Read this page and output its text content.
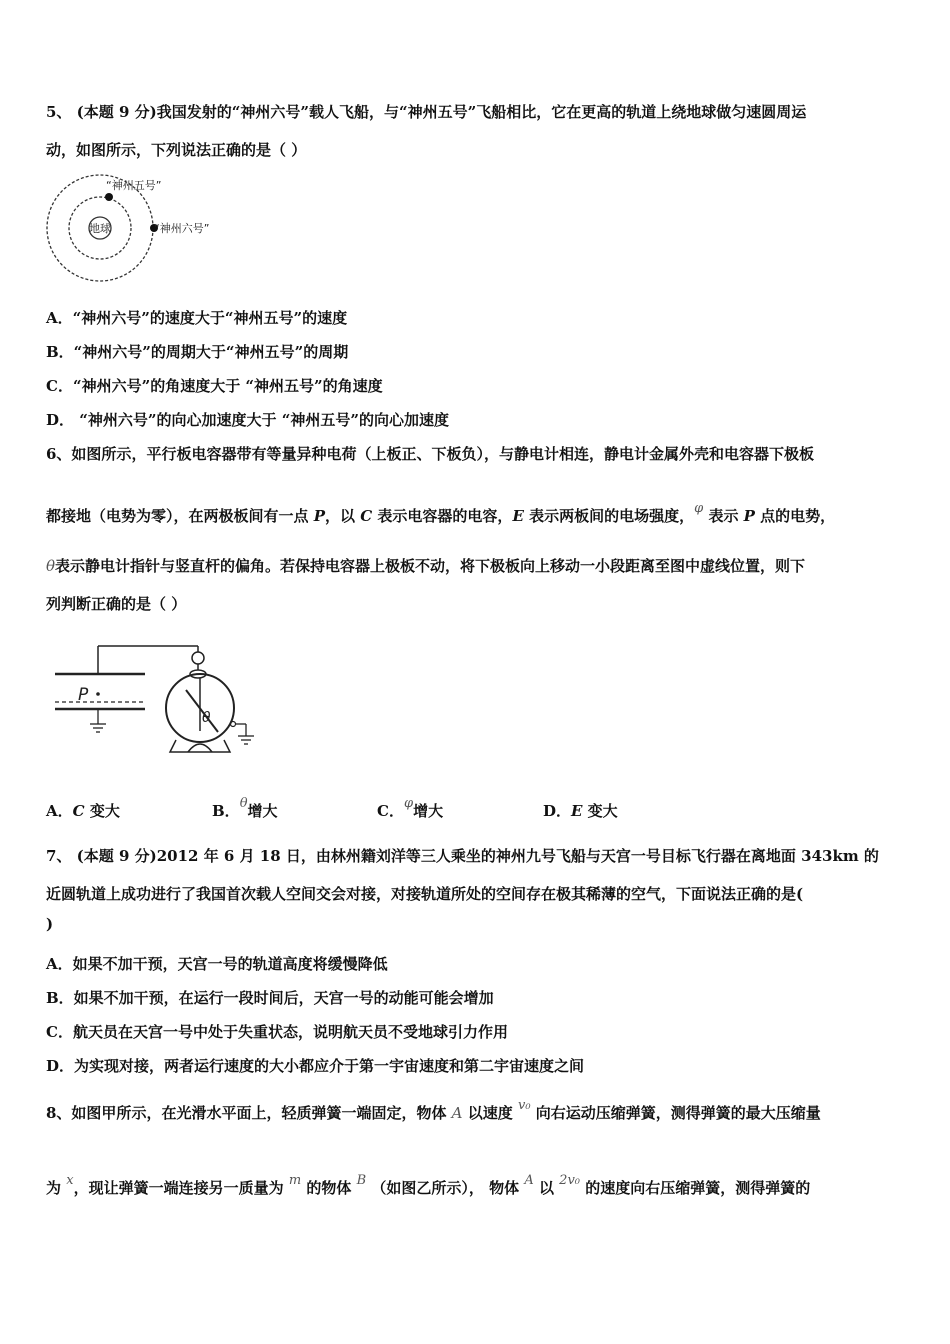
5、 (本题 9 分)我国发射的“神州六号”载人飞船，与“神州五号”飞船相比，它在更高的轨道上绕地球做匀速圆周运
动，如图所示，下列说法正确的是（ ）
地球
“神州五号”
“神州六号”
A．“神州六号”的速度大于“神州五号”的速度
B．“神州六号”的周期大于“神州五号”的周期
C．“神州六号”的角速度大于 “神州五号”的角速度
D． “神州六号”的向心加速度大于 “神州五号”的向心加速度
6、如图所示，平行板电容器带有等量异种电荷（上板正、下板负），与静电计相连，静电计金属外壳和电容器下极板
都接地（电势为零），在两极板间有一点 P，以 C 表示电容器的电容，E 表示两板间的电场强度，φ 表示 P 点的电势，
θ表示静电计指针与竖直杆的偏角。若保持电容器上极板不动，将下极板向上移动一小段距离至图中虚线位置，则下
列判断正确的是（ ）
P
θ
A．C 变大	B．θ增大	C．φ增大	D．E 变大
7、 (本题 9 分)2012 年 6 月 18 日，由林州籍刘洋等三人乘坐的神州九号飞船与天宫一号目标飞行器在离地面 343km 的
近圆轨道上成功进行了我国首次载人空间交会对接，对接轨道所处的空间存在极其稀薄的空气，下面说法正确的是(
)
A．如果不加干预，天宫一号的轨道高度将缓慢降低
B．如果不加干预，在运行一段时间后，天宫一号的动能可能会增加
C．航天员在天宫一号中处于失重状态，说明航天员不受地球引力作用
D．为实现对接，两者运行速度的大小都应介于第一宇宙速度和第二宇宙速度之间
8、如图甲所示，在光滑水平面上，轻质弹簧一端固定，物体 A 以速度 v₀ 向右运动压缩弹簧，测得弹簧的最大压缩量
为 x，现让弹簧一端连接另一质量为 m 的物体 B （如图乙所示）， 物体 A 以 2v₀ 的速度向右压缩弹簧，测得弹簧的
